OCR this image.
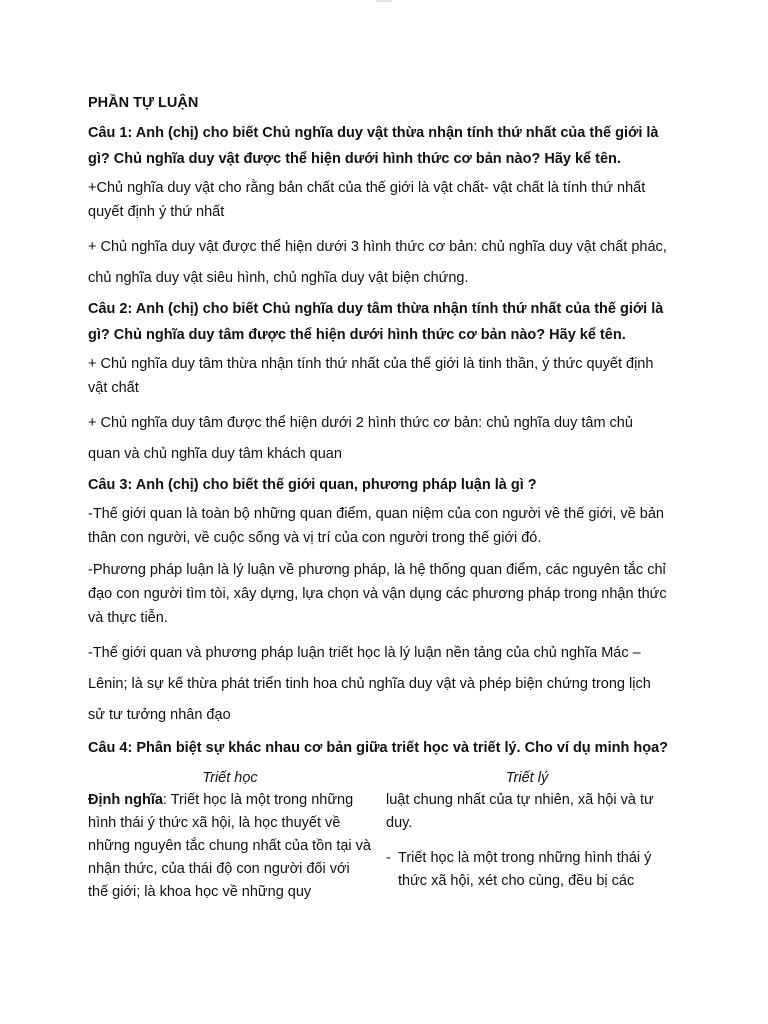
PHẦN TỰ LUẬN

Câu 1: Anh (chị) cho biết Chủ nghĩa duy vật thừa nhận tính thứ nhất của thế giới là gì? Chủ nghĩa duy vật được thể hiện dưới hình thức cơ bản nào? Hãy kể tên.

+Chủ nghĩa duy vật cho rằng bản chất của thế giới là vật chất- vật chất là tính thứ nhất quyết định ý thứ nhất

+ Chủ nghĩa duy vật được thể hiện dưới 3 hình thức cơ bản: chủ nghĩa duy vật chất phác, chủ nghĩa duy vật siêu hình, chủ nghĩa duy vật biện chứng.

Câu 2: Anh (chị) cho biết Chủ nghĩa duy tâm thừa nhận tính thứ nhất của thế giới là gì? Chủ nghĩa duy tâm được thể hiện dưới hình thức cơ bản nào? Hãy kể tên.

+ Chủ nghĩa duy tâm thừa nhận tính thứ nhất của thế giới là tinh thần, ý thức quyết định vật chất

+ Chủ nghĩa duy tâm được thể hiện dưới 2 hình thức cơ bản: chủ nghĩa duy tâm chủ quan và chủ nghĩa duy tâm khách quan

Câu 3: Anh (chị) cho biết thế giới quan, phương pháp luận là gì ?

-Thế giới quan là toàn bộ những quan điểm, quan niệm của con người về thế giới, về bản thân con người, về cuộc sống và vị trí của con người trong thế giới đó.

-Phương pháp luận là lý luận về phương pháp, là hệ thống quan điểm, các nguyên tắc chỉ đạo con người tìm tòi, xây dựng, lựa chọn và vận dụng các phương pháp trong nhận thức và thực tiễn.

-Thế giới quan và phương pháp luận triết học là lý luận nền tảng của chủ nghĩa Mác – Lênin; là sự kế thừa phát triển tinh hoa chủ nghĩa duy vật và phép biện chứng trong lịch sử tư tưởng nhân đạo

Câu 4: Phân biệt sự khác nhau cơ bản giữa triết học và triết lý. Cho ví dụ minh họa?

Triết học
Định nghĩa: Triết học là một trong những hình thái ý thức xã hội, là học thuyết về những nguyên tắc chung nhất của tồn tại và nhận thức, của thái độ con người đối với thế giới; là khoa học về những quy
Triết lý
luật chung nhất của tự nhiên, xã hội và tư duy.
- Triết học là một trong những hình thái ý thức xã hội, xét cho cùng, đều bị các
